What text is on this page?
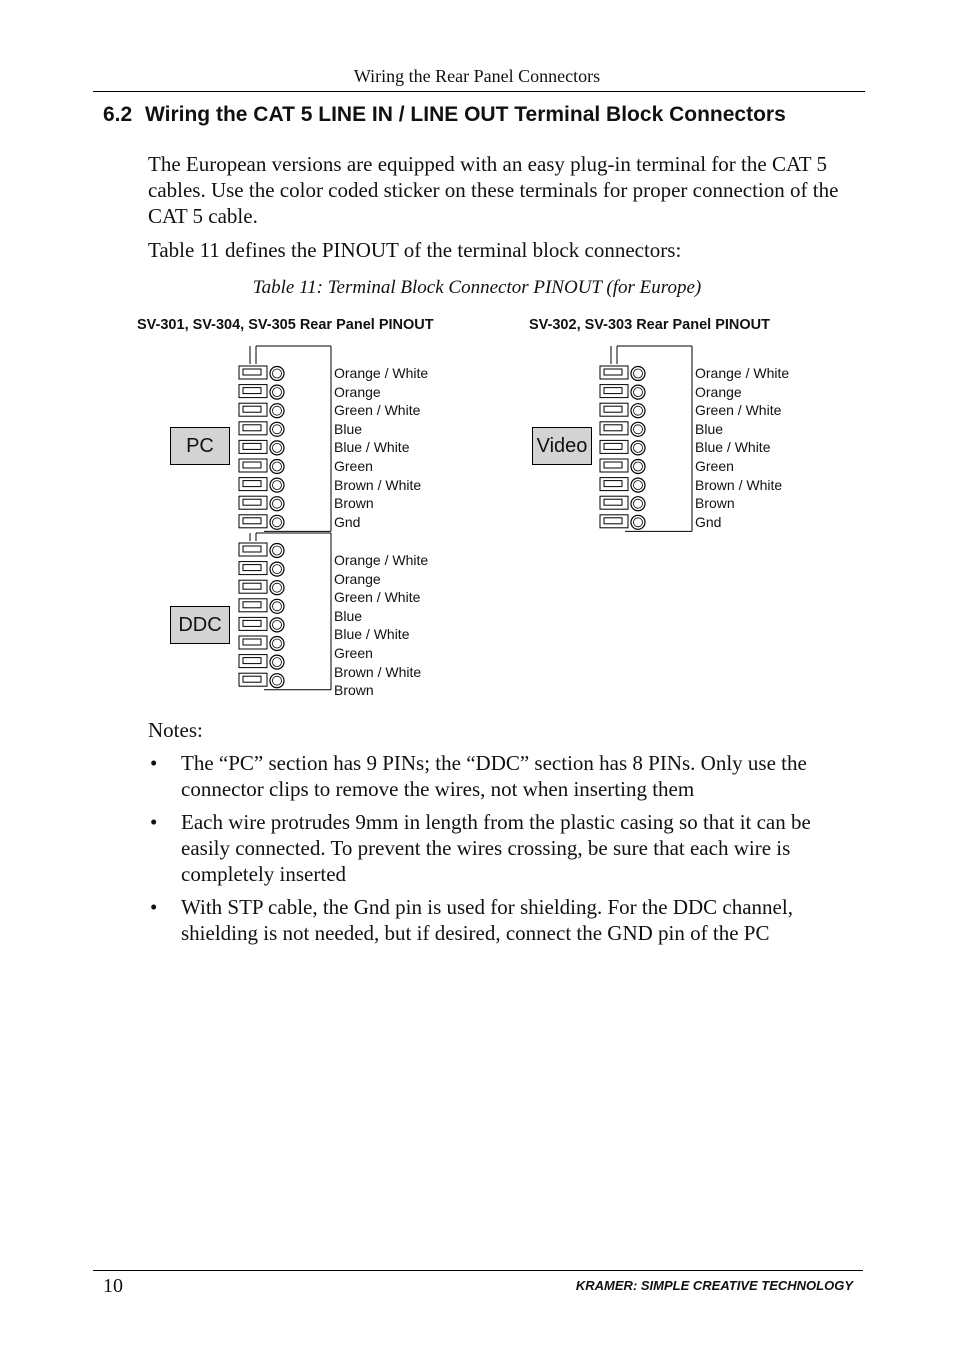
Wiring the Rear Panel Connectors
6.2 Wiring the CAT 5 LINE IN / LINE OUT Terminal Block Connectors
The European versions are equipped with an easy plug-in terminal for the CAT 5 cables. Use the color coded sticker on these terminals for proper connection of the CAT 5 cable.
Table 11 defines the PINOUT of the terminal block connectors:
Table 11: Terminal Block Connector PINOUT (for Europe)
SV-301, SV-304, SV-305 Rear Panel PINOUT	SV-302, SV-303 Rear Panel PINOUT
PC
Orange / White
Orange
Green / White
Blue
Blue / White
Green
Brown / White
Brown
Gnd
DDC
Orange / White
Orange
Green / White
Blue
Blue / White
Green
Brown / White
Brown
Video
Orange / White
Orange
Green / White
Blue
Blue / White
Green
Brown / White
Brown
Gnd
Notes:
• The “PC” section has 9 PINs; the “DDC” section has 8 PINs. Only use the connector clips to remove the wires, not when inserting them
• Each wire protrudes 9mm in length from the plastic casing so that it can be easily connected. To prevent the wires crossing, be sure that each wire is completely inserted
• With STP cable, the Gnd pin is used for shielding. For the DDC channel, shielding is not needed, but if desired, connect the GND pin of the PC
10	KRAMER: SIMPLE CREATIVE TECHNOLOGY
